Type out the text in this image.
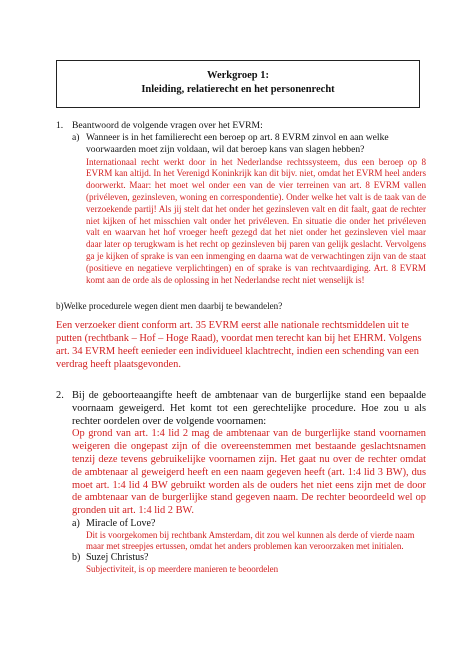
Werkgroep 1:
Inleiding, relatierecht en het personenrecht
1. Beantwoord de volgende vragen over het EVRM:
a) Wanneer is in het familierecht een beroep op art. 8 EVRM zinvol en aan welke voorwaarden moet zijn voldaan, wil dat beroep kans van slagen hebben?
Internationaal recht werkt door in het Nederlandse rechtssysteem, dus een beroep op 8 EVRM kan altijd. In het Verenigd Koninkrijk kan dit bijv. niet, omdat het EVRM heel anders doorwerkt. Maar: het moet wel onder een van de vier terreinen van art. 8 EVRM vallen (privéleven, gezinsleven, woning en correspondentie). Onder welke het valt is de taak van de verzoekende partij! Als jij stelt dat het onder het gezinsleven valt en dit faalt, gaat de rechter niet kijken of het misschien valt onder het privéleven. En situatie die onder het privéleven valt en waarvan het hof vroeger heeft gezegd dat het niet onder het gezinsleven viel maar daar later op terugkwam is het recht op gezinsleven bij paren van gelijk geslacht. Vervolgens ga je kijken of sprake is van een inmenging en daarna wat de verwachtingen zijn van de staat (positieve en negatieve verplichtingen) en of sprake is van rechtvaardiging. Art. 8 EVRM komt aan de orde als de oplossing in het Nederlandse recht niet wenselijk is!
b)Welke procedurele wegen dient men daarbij te bewandelen?
Een verzoeker dient conform art. 35 EVRM eerst alle nationale rechtsmiddelen uit te putten (rechtbank – Hof – Hoge Raad), voordat men terecht kan bij het EHRM. Volgens art. 34 EVRM heeft eenieder een individueel klachtrecht, indien een schending van een verdrag heeft plaatsgevonden.
2. Bij de geboorteaangifte heeft de ambtenaar van de burgerlijke stand een bepaalde voornaam geweigerd. Het komt tot een gerechtelijke procedure. Hoe zou u als rechter oordelen over de volgende voornamen:
Op grond van art. 1:4 lid 2 mag de ambtenaar van de burgerlijke stand voornamen weigeren die ongepast zijn of die overeenstemmen met bestaande geslachtsnamen tenzij deze tevens gebruikelijke voornamen zijn. Het gaat nu over de rechter omdat de ambtenaar al geweigerd heeft en een naam gegeven heeft (art. 1:4 lid 3 BW), dus moet art. 1:4 lid 4 BW gebruikt worden als de ouders het niet eens zijn met de door de ambtenaar van de burgerlijke stand gegeven naam. De rechter beoordeeld wel op gronden uit art. 1:4 lid 2 BW.
a) Miracle of Love?
Dit is voorgekomen bij rechtbank Amsterdam, dit zou wel kunnen als derde of vierde naam maar met streepjes ertussen, omdat het anders problemen kan veroorzaken met initialen.
b) Suzej Christus?
Subjectiviteit, is op meerdere manieren te beoordelen
